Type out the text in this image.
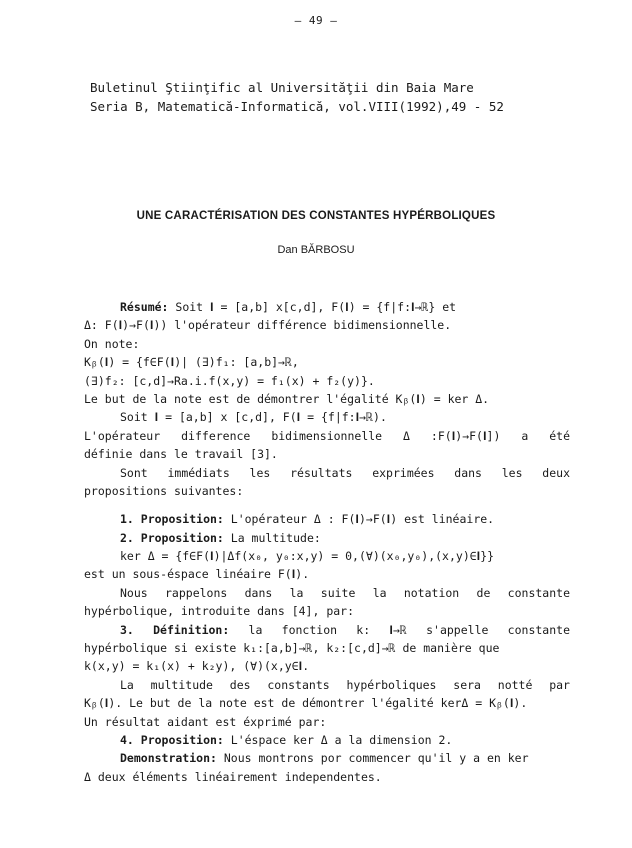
— 49 —
Buletinul Ştiinţific al Universităţii din Baia Mare
Seria B, Matematică-Informatică, vol.VIII(1992),49 - 52
UNE CARACTÉRISATION DES CONSTANTES HYPÉRBOLIQUES
Dan BĂRBOSU
Résumé: Soit 𝐈 = [a,b] x[c,d], F(𝐈) = {f|f:𝐈→ℝ} et
Δ: F(𝐈)→F(𝐈)) l'opérateur différence bidimensionnelle.
On note:
Kᵦ(𝐈) = {f∈F(𝐈)| (∃)f₁: [a,b]→ℝ,
(∃)f₂: [c,d]→Ra.i.f(x,y) = f₁(x) + f₂(y)}.
Le but de la note est de démontrer l'égalité Kᵦ(𝐈) = ker Δ.
Soit 𝐈 = [a,b] x [c,d], F(𝐈 = {f|f:𝐈→ℝ).
L'opérateur difference bidimensionnelle Δ :F(𝐈)→F(𝐈]) a été
définie dans le travail [3].
Sont immédiats les résultats exprimées dans les deux
propositions suivantes:
1. Proposition: L'opérateur Δ : F(𝐈)→F(𝐈) est linéaire.
2. Proposition: La multitude:
ker Δ = {f∈F(𝐈)|Δf(x₀, y₀:x,y) = 0,(∀)(x₀,y₀),(x,y)∈𝐈}}
est un sous-éspace linéaire F(𝐈).
Nous rappelons dans la suite la notation de constante
hypérbolique, introduite dans [4], par:
3. Définition: la fonction k: 𝐈→ℝ s'appelle constante
hypérbolique si existe k₁:[a,b]→ℝ, k₂:[c,d]→ℝ de manière que
k(x,y) = k₁(x) + k₂y), (∀)(x,y∈𝐈.
La multitude des constants hypérboliques sera notté par
Kᵦ(𝐈). Le but de la note est de démontrer l'égalité kerΔ = Kᵦ(𝐈).
Un résultat aidant est éxprimé par:
4. Proposition: L'éspace ker Δ a la dimension 2.
Demonstration: Nous montrons por commencer qu'il y a en ker
Δ deux éléments linéairement independentes.
